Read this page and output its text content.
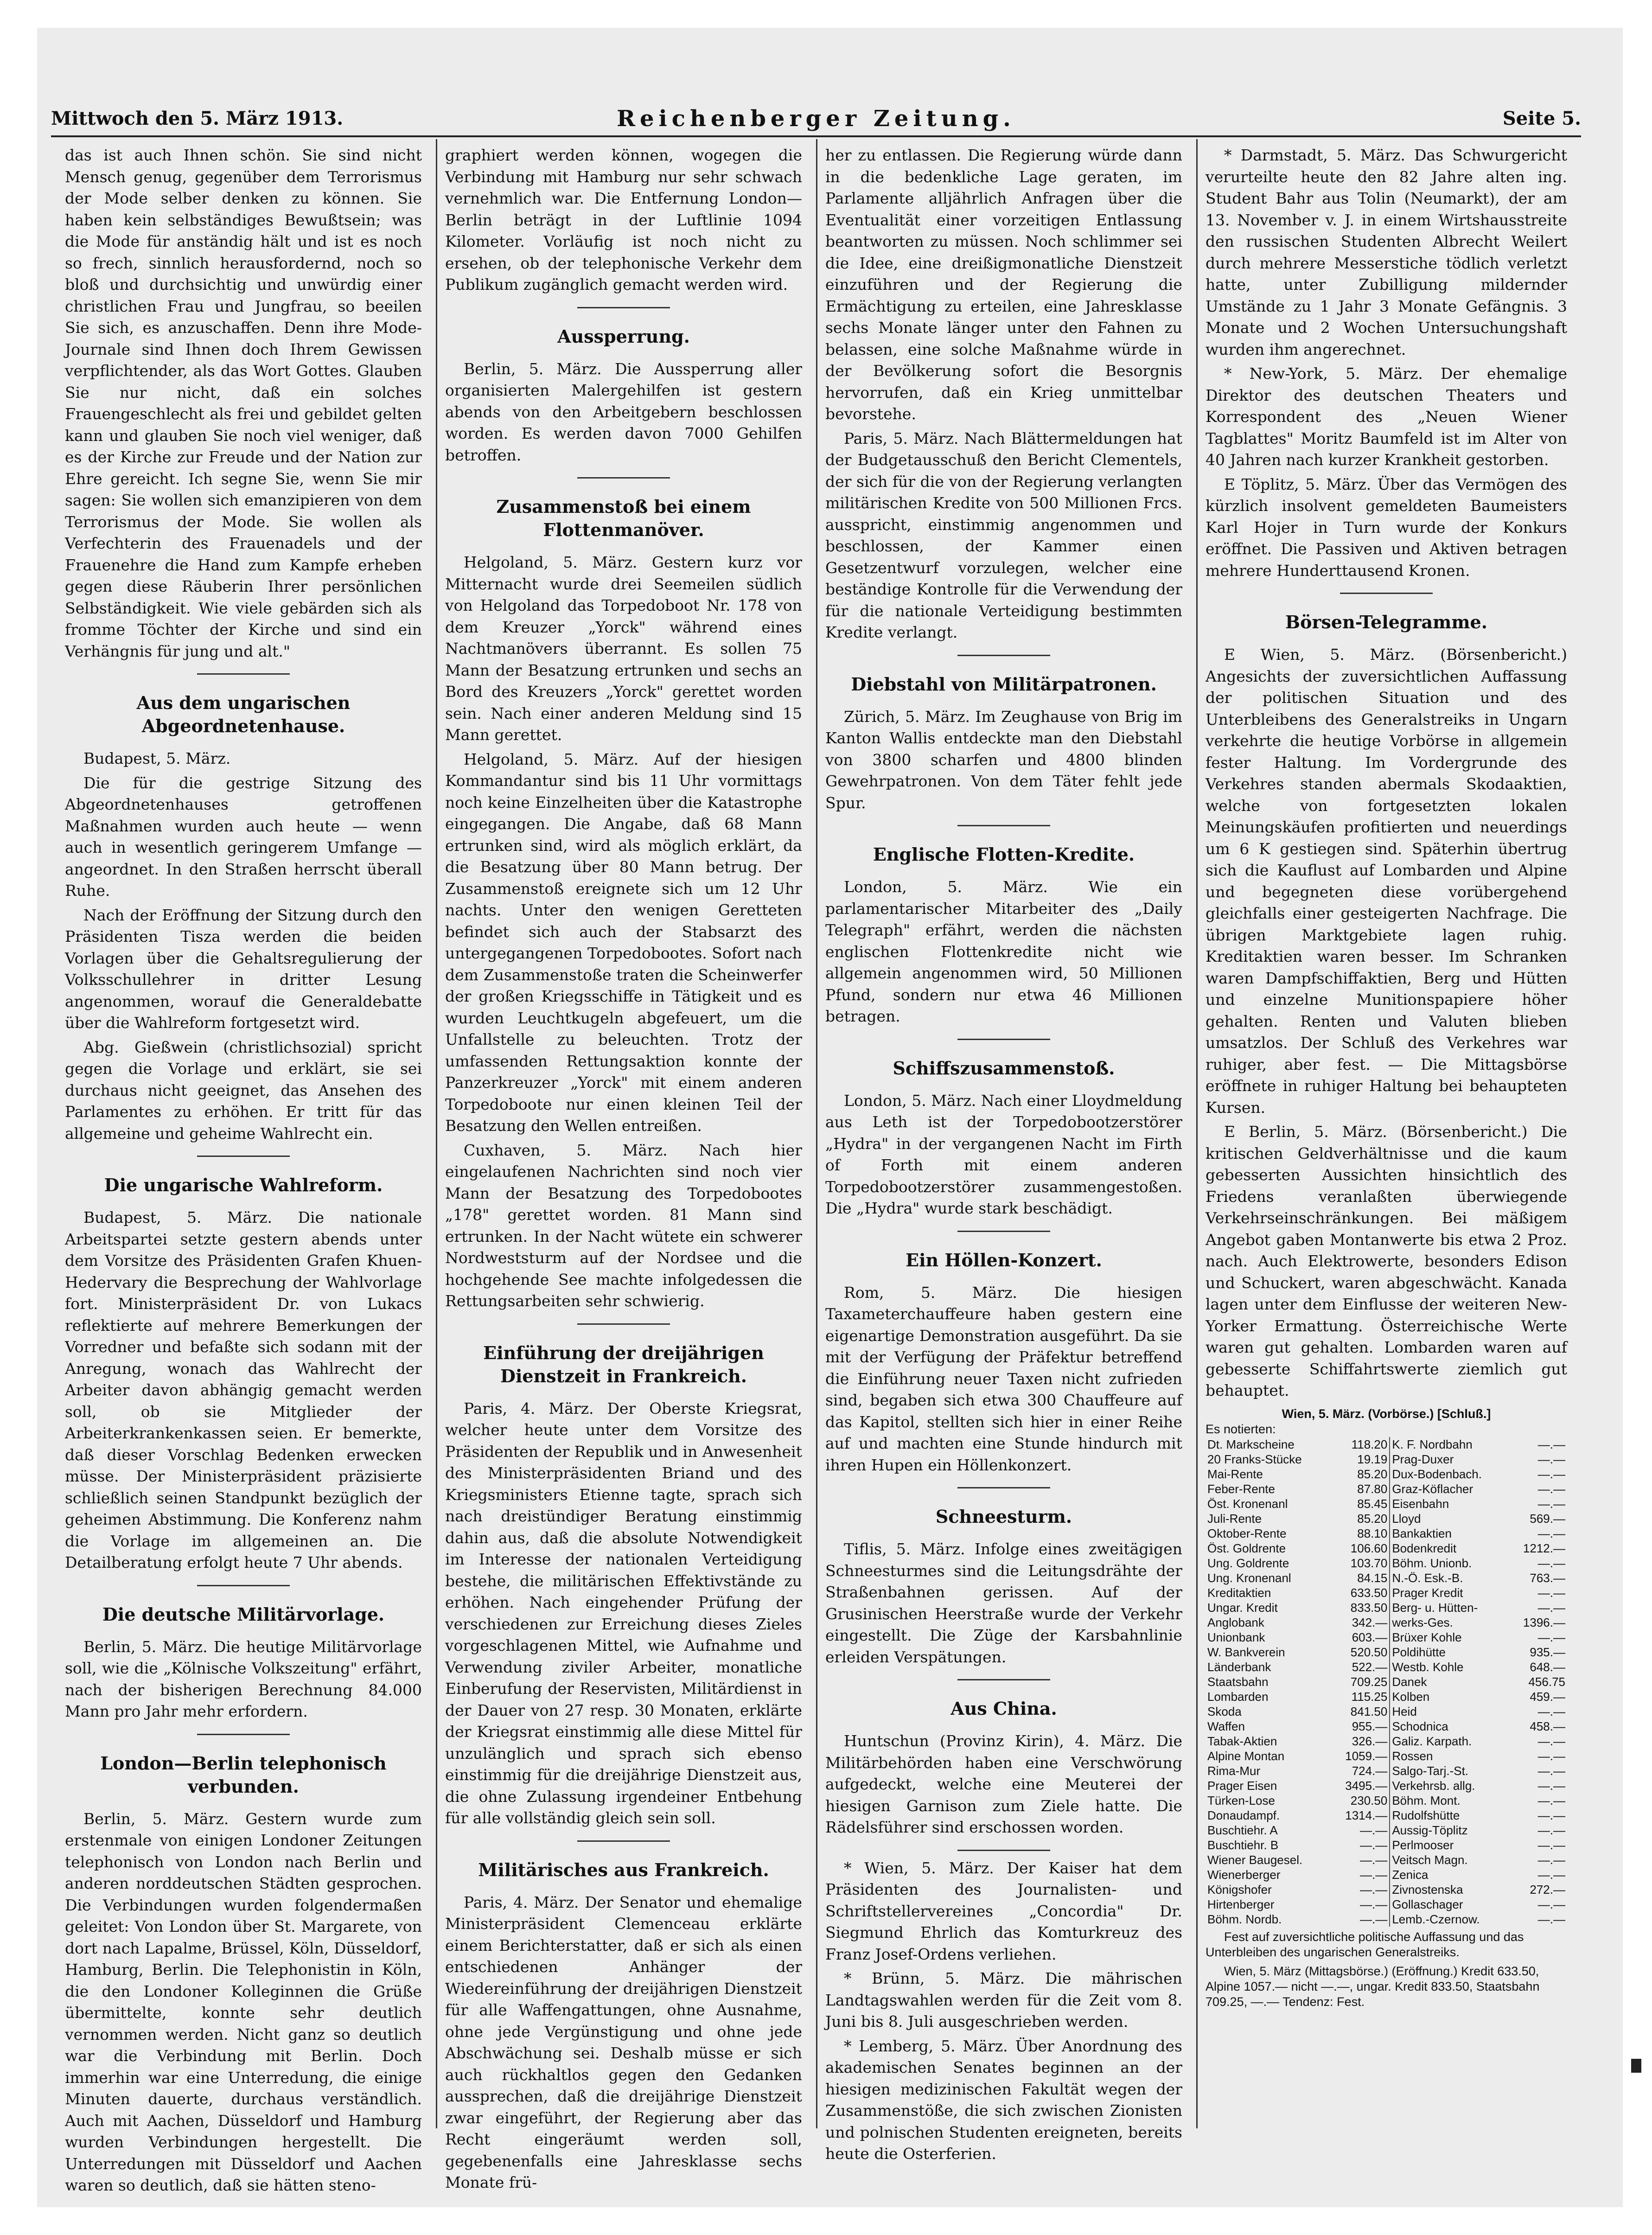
Mittwoch den 5. März 1913.	Reichenberger Zeitung.	Seite 5.

das ist auch Ihnen schön. Sie sind nicht Mensch genug, gegenüber dem Terrorismus der Mode selber denken zu können. Sie haben kein selbständiges Bewußtsein; was die Mode für anständig hält und ist es noch so frech, sinnlich herausfordernd, noch so bloß und durchsichtig und unwürdig einer christlichen Frau und Jungfrau, so beeilen Sie sich, es anzuschaffen. Denn ihre Mode-Journale sind Ihnen doch Ihrem Gewissen verpflichtender, als das Wort Gottes. Glauben Sie nur nicht, daß ein solches Frauengeschlecht als frei und gebildet gelten kann und glauben Sie noch viel weniger, daß es der Kirche zur Freude und der Nation zur Ehre gereicht. Ich segne Sie, wenn Sie mir sagen: Sie wollen sich emanzipieren von dem Terrorismus der Mode. Sie wollen als Verfechterin des Frauenadels und der Frauenehre die Hand zum Kampfe erheben gegen diese Räuberin Ihrer persönlichen Selbständigkeit. Wie viele gebärden sich als fromme Töchter der Kirche und sind ein Verhängnis für jung und alt."

Aus dem ungarischen Abgeordnetenhause.

Budapest, 5. März.

Die für die gestrige Sitzung des Abgeordnetenhauses getroffenen Maßnahmen wurden auch heute — wenn auch in wesentlich geringerem Umfange — angeordnet. In den Straßen herrscht überall Ruhe.

Nach der Eröffnung der Sitzung durch den Präsidenten Tisza werden die beiden Vorlagen über die Gehaltsregulierung der Volksschullehrer in dritter Lesung angenommen, worauf die Generaldebatte über die Wahlreform fortgesetzt wird.

Abg. Gießwein (christlichsozial) spricht gegen die Vorlage und erklärt, sie sei durchaus nicht geeignet, das Ansehen des Parlamentes zu erhöhen. Er tritt für das allgemeine und geheime Wahlrecht ein.

Die ungarische Wahlreform.

Budapest, 5. März. Die nationale Arbeitspartei setzte gestern abends unter dem Vorsitze des Präsidenten Grafen Khuen-Hedervary die Besprechung der Wahlvorlage fort. Ministerpräsident Dr. von Lukacs reflektierte auf mehrere Bemerkungen der Vorredner und befaßte sich sodann mit der Anregung, wonach das Wahlrecht der Arbeiter davon abhängig gemacht werden soll, ob sie Mitglieder der Arbeiterkrankenkassen seien. Er bemerkte, daß dieser Vorschlag Bedenken erwecken müsse. Der Ministerpräsident präzisierte schließlich seinen Standpunkt bezüglich der geheimen Abstimmung. Die Konferenz nahm die Vorlage im allgemeinen an. Die Detailberatung erfolgt heute 7 Uhr abends.

Die deutsche Militärvorlage.

Berlin, 5. März. Die heutige Militärvorlage soll, wie die „Kölnische Volkszeitung" erfährt, nach der bisherigen Berechnung 84.000 Mann pro Jahr mehr erfordern.

London—Berlin telephonisch verbunden.

Berlin, 5. März. Gestern wurde zum erstenmale von einigen Londoner Zeitungen telephonisch von London nach Berlin und anderen norddeutschen Städten gesprochen. Die Verbindungen wurden folgendermaßen geleitet: Von London über St. Margarete, von dort nach Lapalme, Brüssel, Köln, Düsseldorf, Hamburg, Berlin. Die Telephonistin in Köln, die den Londoner Kolleginnen die Grüße übermittelte, konnte sehr deutlich vernommen werden. Nicht ganz so deutlich war die Verbindung mit Berlin. Doch immerhin war eine Unterredung, die einige Minuten dauerte, durchaus verständlich. Auch mit Aachen, Düsseldorf und Hamburg wurden Verbindungen hergestellt. Die Unterredungen mit Düsseldorf und Aachen waren so deutlich, daß sie hätten steno-

graphiert werden können, wogegen die Verbindung mit Hamburg nur sehr schwach vernehmlich war. Die Entfernung London—Berlin beträgt in der Luftlinie 1094 Kilometer. Vorläufig ist noch nicht zu ersehen, ob der telephonische Verkehr dem Publikum zugänglich gemacht werden wird.

Aussperrung.

Berlin, 5. März. Die Aussperrung aller organisierten Malergehilfen ist gestern abends von den Arbeitgebern beschlossen worden. Es werden davon 7000 Gehilfen betroffen.

Zusammenstoß bei einem Flottenmanöver.

Helgoland, 5. März. Gestern kurz vor Mitternacht wurde drei Seemeilen südlich von Helgoland das Torpedoboot Nr. 178 von dem Kreuzer „Yorck" während eines Nachtmanövers überrannt. Es sollen 75 Mann der Besatzung ertrunken und sechs an Bord des Kreuzers „Yorck" gerettet worden sein. Nach einer anderen Meldung sind 15 Mann gerettet.

Helgoland, 5. März. Auf der hiesigen Kommandantur sind bis 11 Uhr vormittags noch keine Einzelheiten über die Katastrophe eingegangen. Die Angabe, daß 68 Mann ertrunken sind, wird als möglich erklärt, da die Besatzung über 80 Mann betrug. Der Zusammenstoß ereignete sich um 12 Uhr nachts. Unter den wenigen Geretteten befindet sich auch der Stabsarzt des untergegangenen Torpedobootes. Sofort nach dem Zusammenstoße traten die Scheinwerfer der großen Kriegsschiffe in Tätigkeit und es wurden Leuchtkugeln abgefeuert, um die Unfallstelle zu beleuchten. Trotz der umfassenden Rettungsaktion konnte der Panzerkreuzer „Yorck" mit einem anderen Torpedoboote nur einen kleinen Teil der Besatzung den Wellen entreißen.

Cuxhaven, 5. März. Nach hier eingelaufenen Nachrichten sind noch vier Mann der Besatzung des Torpedobootes „178" gerettet worden. 81 Mann sind ertrunken. In der Nacht wütete ein schwerer Nordweststurm auf der Nordsee und die hochgehende See machte infolgedessen die Rettungsarbeiten sehr schwierig.

Einführung der dreijährigen Dienstzeit in Frankreich.

Paris, 4. März. Der Oberste Kriegsrat, welcher heute unter dem Vorsitze des Präsidenten der Republik und in Anwesenheit des Ministerpräsidenten Briand und des Kriegsministers Etienne tagte, sprach sich nach dreistündiger Beratung einstimmig dahin aus, daß die absolute Notwendigkeit im Interesse der nationalen Verteidigung bestehe, die militärischen Effektivstände zu erhöhen. Nach eingehender Prüfung der verschiedenen zur Erreichung dieses Zieles vorgeschlagenen Mittel, wie Aufnahme und Verwendung ziviler Arbeiter, monatliche Einberufung der Reservisten, Militärdienst in der Dauer von 27 resp. 30 Monaten, erklärte der Kriegsrat einstimmig alle diese Mittel für unzulänglich und sprach sich ebenso einstimmig für die dreijährige Dienstzeit aus, die ohne Zulassung irgendeiner Entbehung für alle vollständig gleich sein soll.

Militärisches aus Frankreich.

Paris, 4. März. Der Senator und ehemalige Ministerpräsident Clemenceau erklärte einem Berichterstatter, daß er sich als einen entschiedenen Anhänger der Wiedereinführung der dreijährigen Dienstzeit für alle Waffengattungen, ohne Ausnahme, ohne jede Vergünstigung und ohne jede Abschwächung sei. Deshalb müsse er sich auch rückhaltlos gegen den Gedanken aussprechen, daß die dreijährige Dienstzeit zwar eingeführt, der Regierung aber das Recht eingeräumt werden soll, gegebenenfalls eine Jahresklasse sechs Monate frü-

her zu entlassen. Die Regierung würde dann in die bedenkliche Lage geraten, im Parlamente alljährlich Anfragen über die Eventualität einer vorzeitigen Entlassung beantworten zu müssen. Noch schlimmer sei die Idee, eine dreißigmonatliche Dienstzeit einzuführen und der Regierung die Ermächtigung zu erteilen, eine Jahresklasse sechs Monate länger unter den Fahnen zu belassen, eine solche Maßnahme würde in der Bevölkerung sofort die Besorgnis hervorrufen, daß ein Krieg unmittelbar bevorstehe.

Paris, 5. März. Nach Blättermeldungen hat der Budgetausschuß den Bericht Clementels, der sich für die von der Regierung verlangten militärischen Kredite von 500 Millionen Frcs. ausspricht, einstimmig angenommen und beschlossen, der Kammer einen Gesetzentwurf vorzulegen, welcher eine beständige Kontrolle für die Verwendung der für die nationale Verteidigung bestimmten Kredite verlangt.

Diebstahl von Militärpatronen.

Zürich, 5. März. Im Zeughause von Brig im Kanton Wallis entdeckte man den Diebstahl von 3800 scharfen und 4800 blinden Gewehrpatronen. Von dem Täter fehlt jede Spur.

Englische Flotten-Kredite.

London, 5. März. Wie ein parlamentarischer Mitarbeiter des „Daily Telegraph" erfährt, werden die nächsten englischen Flottenkredite nicht wie allgemein angenommen wird, 50 Millionen Pfund, sondern nur etwa 46 Millionen betragen.

Schiffszusammenstoß.

London, 5. März. Nach einer Lloydmeldung aus Leth ist der Torpedobootzerstörer „Hydra" in der vergangenen Nacht im Firth of Forth mit einem anderen Torpedobootzerstörer zusammengestoßen. Die „Hydra" wurde stark beschädigt.

Ein Höllen-Konzert.

Rom, 5. März. Die hiesigen Taxameterchauffeure haben gestern eine eigenartige Demonstration ausgeführt. Da sie mit der Verfügung der Präfektur betreffend die Einführung neuer Taxen nicht zufrieden sind, begaben sich etwa 300 Chauffeure auf das Kapitol, stellten sich hier in einer Reihe auf und machten eine Stunde hindurch mit ihren Hupen ein Höllenkonzert.

Schneesturm.

Tiflis, 5. März. Infolge eines zweitägigen Schneesturmes sind die Leitungsdrähte der Straßenbahnen gerissen. Auf der Grusinischen Heerstraße wurde der Verkehr eingestellt. Die Züge der Karsbahnlinie erleiden Verspätungen.

Aus China.

Huntschun (Provinz Kirin), 4. März. Die Militärbehörden haben eine Verschwörung aufgedeckt, welche eine Meuterei der hiesigen Garnison zum Ziele hatte. Die Rädelsführer sind erschossen worden.

* Wien, 5. März. Der Kaiser hat dem Präsidenten des Journalisten- und Schriftstellervereines „Concordia" Dr. Siegmund Ehrlich das Komturkreuz des Franz Josef-Ordens verliehen.

* Brünn, 5. März. Die mährischen Landtagswahlen werden für die Zeit vom 8. Juni bis 8. Juli ausgeschrieben werden.

* Lemberg, 5. März. Über Anordnung des akademischen Senates beginnen an der hiesigen medizinischen Fakultät wegen der Zusammenstöße, die sich zwischen Zionisten und polnischen Studenten ereigneten, bereits heute die Osterferien.

* Darmstadt, 5. März. Das Schwurgericht verurteilte heute den 82 Jahre alten ing. Student Bahr aus Tolin (Neumarkt), der am 13. November v. J. in einem Wirtshausstreite den russischen Studenten Albrecht Weilert durch mehrere Messerstiche tödlich verletzt hatte, unter Zubilligung mildernder Umstände zu 1 Jahr 3 Monate Gefängnis. 3 Monate und 2 Wochen Untersuchungshaft wurden ihm angerechnet.

* New-York, 5. März. Der ehemalige Direktor des deutschen Theaters und Korrespondent des „Neuen Wiener Tagblattes" Moritz Baumfeld ist im Alter von 40 Jahren nach kurzer Krankheit gestorben.

E Töplitz, 5. März. Über das Vermögen des kürzlich insolvent gemeldeten Baumeisters Karl Hojer in Turn wurde der Konkurs eröffnet. Die Passiven und Aktiven betragen mehrere Hunderttausend Kronen.

Börsen-Telegramme.

E Wien, 5. März. (Börsenbericht.) Angesichts der zuversichtlichen Auffassung der politischen Situation und des Unterbleibens des Generalstreiks in Ungarn verkehrte die heutige Vorbörse in allgemein fester Haltung. Im Vordergrunde des Verkehres standen abermals Skodaaktien, welche von fortgesetzten lokalen Meinungskäufen profitierten und neuerdings um 6 K gestiegen sind. Späterhin übertrug sich die Kauflust auf Lombarden und Alpine und begegneten diese vorübergehend gleichfalls einer gesteigerten Nachfrage. Die übrigen Marktgebiete lagen ruhig. Kreditaktien waren besser. Im Schranken waren Dampfschiffaktien, Berg und Hütten und einzelne Munitionspapiere höher gehalten. Renten und Valuten blieben umsatzlos. Der Schluß des Verkehres war ruhiger, aber fest. — Die Mittagsbörse eröffnete in ruhiger Haltung bei behaupteten Kursen.

E Berlin, 5. März. (Börsenbericht.) Die kritischen Geldverhältnisse und die kaum gebesserten Aussichten hinsichtlich des Friedens veranlaßten überwiegende Verkehrseinschränkungen. Bei mäßigem Angebot gaben Montanwerte bis etwa 2 Proz. nach. Auch Elektrowerte, besonders Edison und Schuckert, waren abgeschwächt. Kanada lagen unter dem Einflusse der weiteren New-Yorker Ermattung. Österreichische Werte waren gut gehalten. Lombarden waren auf gebesserte Schiffahrtswerte ziemlich gut behauptet.

Wien, 5. März. (Vorbörse.) [Schluß.]
Es notierten:
Dt. Markscheine	118.20	K. F. Nordbahn	—.—
20 Franks-Stücke	19.19	Prag-Duxer	—.—
Mai-Rente	85.20	Dux-Bodenbach.	—.—
Feber-Rente	87.80	Graz-Köflacher	—.—
Öst. Kronenanl	85.45	Eisenbahn	—.—
Juli-Rente	85.20	Lloyd	569.—
Oktober-Rente	88.10	Bankaktien	—.—
Öst. Goldrente	106.60	Bodenkredit	1212.—
Ung. Goldrente	103.70	Böhm. Unionb.	—.—
Ung. Kronenanl	84.15	N.-Ö. Esk.-B.	763.—
Kreditaktien	633.50	Prager Kredit	—.—
Ungar. Kredit	833.50	Berg- u. Hütten-	—.—
Anglobank	342.—	werks-Ges.	1396.—
Unionbank	603.—	Brüxer Kohle	—.—
W. Bankverein	520.50	Poldihütte	935.—
Länderbank	522.—	Westb. Kohle	648.—
Staatsbahn	709.25	Danek	456.75
Lombarden	115.25	Kolben	459.—
Skoda	841.50	Heid	—.—
Waffen	955.—	Schodnica	458.—
Tabak-Aktien	326.—	Galiz. Karpath.	—.—
Alpine Montan	1059.—	Rossen	—.—
Rima-Mur	724.—	Salgo-Tarj.-St.	—.—
Prager Eisen	3495.—	Verkehrsb. allg.	—.—
Türken-Lose	230.50	Böhm. Mont.	—.—
Donaudampf.	1314.—	Rudolfshütte	—.—
Buschtiehr. A	—.—	Aussig-Töplitz	—.—
Buschtiehr. B	—.—	Perlmooser	—.—
Wiener Baugesel.	—.—	Veitsch Magn.	—.—
Wienerberger	—.—	Zenica	—.—
Königshofer	—.—	Zivnostenska	272.—
Hirtenberger	—.—	Gollaschager	—.—
Böhm. Nordb.	—.—	Lemb.-Czernow.	—.—
Fest auf zuversichtliche politische Auffassung und das Unterbleiben des ungarischen Generalstreiks.
Wien, 5. März (Mittagsbörse.) (Eröffnung.) Kredit 633.50, Alpine 1057.— nicht —.—, ungar. Kredit 833.50, Staatsbahn 709.25, —.— Tendenz: Fest.
